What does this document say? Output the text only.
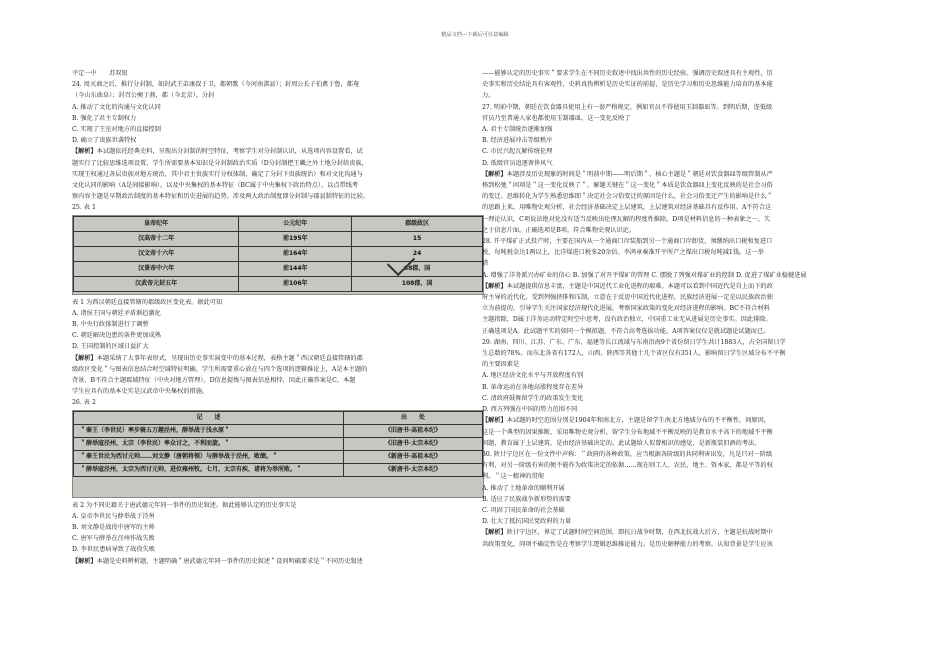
精品文档---下载后可任意编辑

平定一中　　苏双银

24. 周灭商之后，推行分封制，如封武王弟康叔于卫，都朝歌（今河南淇县）；封周公长子伯禽于鲁，都奄

（今山东曲阜）；封召公奭于燕，都（今北京），分封

A. 推动了文化的沟通与文化认同

B. 强化了君主专制权力

C. 实现了王室对地方的直接控制

D. 确立了贵族世袭特权

【解析】本试题依托经典史料，呈现出分封制的时空特征，考察学生对分封制认识，从选项内容设置看，试

题实行了比较思维选项设置，学生所需要基本知识是分封制政治实质（D分封制把王畿之外土地分封给贵族，

实现王权通过各层贵族对地方统治，其中君主贵族实行分权体制，确定了分封下贵族统治）和对文化沟通与

文化认同的影响（A是间接影响），以及中央集权的基本特征（BC属于中央集权下政治特点），以点带线考

察内容主题是早期政治制度的基本特征和历史进展的趋势。涉及两大政治制度即分封制与郡县制特征的比较。

25. 表 1

皇帝纪年	公元纪年	郡级政区
汉高帝十二年	前195年	15
汉文帝十六年	前164年	24
汉景帝中六年	前144年	68郡，国
汉武帝元封五年	前106年	108郡，国

表 1 为西汉朝廷直接管辖的郡级政区变化表。据此可知

A. 诸侯王国与朝廷矛盾渐趋激化

B. 中央行政体制进行了调整

C. 朝廷解决边患的条件更加成熟

D. 王国控制的区域日益扩大

【解析】本题采纳了大事年表形式，呈现出历史事实演变中的基本过程，表格主题＂西汉朝廷直接管辖的郡

级政区变化＂与图表信息结合时空域特征明确，学生所需要重心放在与四个选项的逻辑推论上，A是本主题的

背景，B不符合主题郡域特征（中央对地方管理），D信息提炼与图表信息相悖，因此正确答案是C，本题

学生应具有的基本史实是汉武帝中央集权的措施。

26. 表 2

记　　述	出　　处
＂秦王（李世民）率步骑五万趣泾州，薛举战于浅水原＂	《旧唐书·高祖本纪》
＂薛举寇泾州，太宗（李世民）率众讨之，不利而旋。＂	《旧唐书·太宗本纪》
＂秦王世民为西讨元帅……刘文静（唐朝将领）与薛举战于泾州，败绩。＂	《新唐书·高祖本纪》
＂薛举寇泾州，太宗为西讨元帅，进位雍州牧。七月，太宗有疾，诸将为举所败。＂	《新唐书·太宗本纪》

表 2 为不同史籍关于唐武德元年同一事件的历史叙述。据此能够认定的历史事实是

A. 皇帝李世民与薛举战于泾州

B. 刘文静是战役中唐军的主帅

C. 唐军与薛举在泾州作战失败

D. 李世民患病导致了战役失败

【解析】本题是史料辨析题，主题明确＂唐武德元年同一事件的历史叙述＂设问明确要求是＂不同历史叙述

——能够认定的历史事实＂要求学生在不同历史叙述中找出共性的历史经验。强调历史叙述具有主观性，历

史事实和历史结论具有客观性，史料真伪辨析是历史实证的前提，是历史学习和历史思维能力培育的基本能

力。

27. 明前中期，朝廷在饮食器具使用上有一套严格规定，例如官员不得使用玉制器皿等。到明后期，连低级

官员乃至普通人家也都使用玉制器皿。这一变化反映了

A. 君主专制统治逐渐加强

B. 经济进展冲击等级秩序

C. 市民兴起瓦解传统伦理

D. 低级官员追逐奢侈风气

【解析】本题涉及历史现象的时间是＂明前中期——明后期＂，核心主题是＂朝廷对饮食器皿等级管制从严

格到松弛＂问项是＂这一变化反映了＂，解题关键在＂这一变化＂本质是饮食器皿上变化反映的是社会习俗

的变迁。思维转化为学生熟悉思维即＂决定社会习俗变迁的原因是什么，社会习俗变迁产生的影响是什么＂

的思路上来，用唯物史观分析，社会经济基础决定上层建筑，上层建筑对经济基础具有反作用。A不符合这

一理论认识，C项说法绝对化没有适当反映出伦理瓦解的程度性推除。D项是材料信息的一种表象之一，失

之于信息片面。正确选项是B项。符合唯物史观认识论。

28. 开平煤矿正式投产时，主要在国内从一个通商口岸装船到另一个通商口岸卸货，须缴纳出口税和复进口

税，每吨税金达1两以上，比洋煤进口税多20余倍。李鸿章奏准开平所产之煤出口税每吨减1钱。这一举

措

A. 增强了洋务派兴办矿业的信心 B. 加强了对开平煤矿的管理 C. 摆脱了列强对煤矿业的控制 D. 促进了煤矿业稳健进展

【解析】本试题提供信息丰富，主题是中国近代工业化进程的艰难。本题可以看到中国近代是自上而下的政

府主导的近代化，受到列强挤排和压制，立意在于反思中国近代化进程，民族经济进展一定是以民族政治独

立为前提的，引导学生关注国家经济现代化进展，考察国家政策的变化对经济进程的影响。BC不符合材料

主题指除，D属于洋务运动特定时空中思考，没有政治独立，中国重工业无从进展是历史事实。因此排除。

正确选项是A。此试题平实的如同一个模拟题，不符合高考选拔功能。A项答案仅仅是就试题论试题而已。

29. 湖南、四川、江苏、广东、广东、福建等长江流域与东南沿海9个省份留日学生共计1883人，占全国留日学

生总数的78%。而东北各省有172人，山西、陕西等其他十几个省区仅有351人，影响留日学生区域分布不平衡

的主要因素是

A. 地区经济文化水平与开放程度有别

B. 革命运动在各地高涨程度存在差异

C. 清政府鼓舞留学生的政策发生变化

D. 西方列强在中国的势力范围不同

【解析】本试题的时空范围分别是1904年和南北方，主题是留学生南北方地域分布的不平衡性，问原因，

这是一个典型的因果推断，采用唯物史观分析，留学生分布地域不平衡反映的是教育水平高下的地域不平衡

问题，教育属于上层建筑，是由经济基础决定的。此试题给人似曾相识的感觉，是新瓶装旧酒的考法。

30. 陕甘宁边区在一份文件中声称：＂政府的各种政策，应当根据各阶级的共同利害出发，凡是只对一阶级

有利，对另一阶级有害的便不能作为政策决定的依据……现在则工人、农民、地主、资本家，都是平等的权

利。＂这一精神的贯彻

A. 推动了土地革命的顺利开展

B. 适应了民族战争新形势的需要

C. 巩固了国民革命的社会基础

D. 壮大了抵抗国民党政府的力量

【解析】陕甘宁边区，界定了试题时间空间范围，即抗日战争时期，在西北抗战大后方，主题是抗战时期中

共政策变化，问项不确定性是在考察学生逻辑思维推论能力。是历史解释能力的考察。认知背景是学生应该
